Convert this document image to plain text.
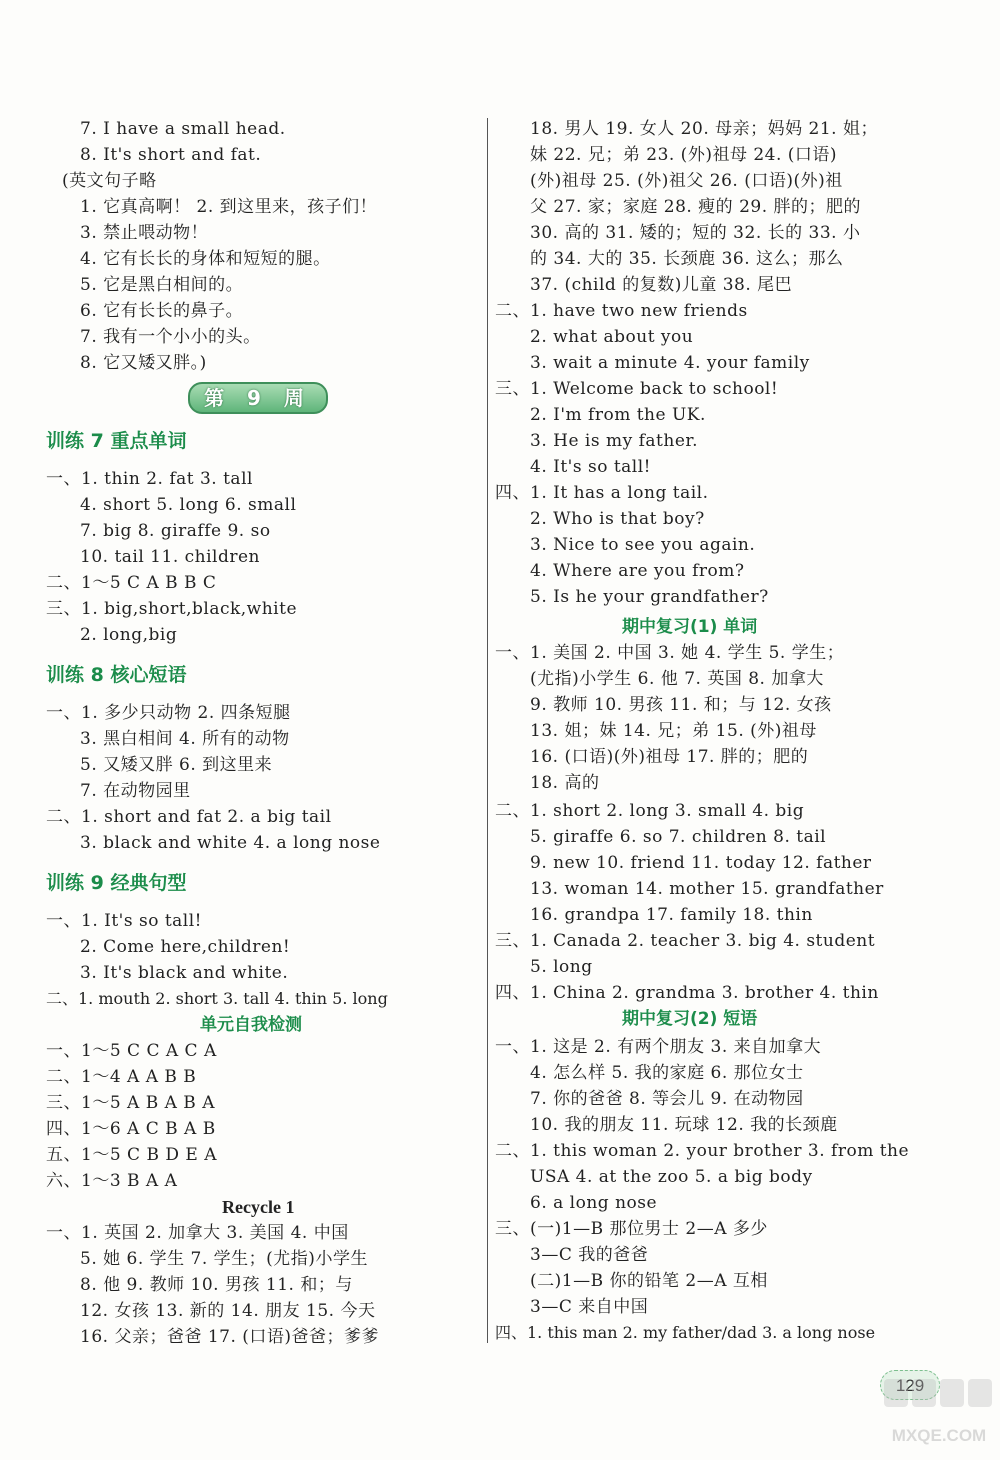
7. I have a small head.
8. It's short and fat.
(英文句子略
1. 它真高啊！ 2. 到这里来，孩子们！
3. 禁止喂动物！
4. 它有长长的身体和短短的腿。
5. 它是黑白相间的。
6. 它有长长的鼻子。
7. 我有一个小小的头。
8. 它又矮又胖。)
第 9 周
训练 7 重点单词
一、1. thin 2. fat 3. tall
4. short 5. long 6. small
7. big 8. giraffe 9. so
10. tail 11. children
二、1～5 C A B B C
三、1. big,short,black,white
2. long,big
训练 8 核心短语
一、1. 多少只动物 2. 四条短腿
3. 黑白相间 4. 所有的动物
5. 又矮又胖 6. 到这里来
7. 在动物园里
二、1. short and fat 2. a big tail
3. black and white 4. a long nose
训练 9 经典句型
一、1. It's so tall!
2. Come here,children!
3. It's black and white.
二、1. mouth 2. short 3. tall 4. thin 5. long
单元自我检测
一、1～5 C C A C A
二、1～4 A A B B
三、1～5 A B A B A
四、1～6 A C B A B
五、1～5 C B D E A
六、1～3 B A A
Recycle 1
一、1. 英国 2. 加拿大 3. 美国 4. 中国
5. 她 6. 学生 7. 学生；(尤指)小学生
8. 他 9. 教师 10. 男孩 11. 和；与
12. 女孩 13. 新的 14. 朋友 15. 今天
16. 父亲；爸爸 17. (口语)爸爸；爹爹
18. 男人 19. 女人 20. 母亲；妈妈 21. 姐；
妹 22. 兄；弟 23. (外)祖母 24. (口语)
(外)祖母 25. (外)祖父 26. (口语)(外)祖
父 27. 家；家庭 28. 瘦的 29. 胖的；肥的
30. 高的 31. 矮的；短的 32. 长的 33. 小
的 34. 大的 35. 长颈鹿 36. 这么；那么
37. (child 的复数)儿童 38. 尾巴
二、1. have two new friends
2. what about you
3. wait a minute 4. your family
三、1. Welcome back to school!
2. I'm from the UK.
3. He is my father.
4. It's so tall!
四、1. It has a long tail.
2. Who is that boy?
3. Nice to see you again.
4. Where are you from?
5. Is he your grandfather?
期中复习(1) 单词
一、1. 美国 2. 中国 3. 她 4. 学生 5. 学生；
(尤指)小学生 6. 他 7. 英国 8. 加拿大
9. 教师 10. 男孩 11. 和；与 12. 女孩
13. 姐；妹 14. 兄；弟 15. (外)祖母
16. (口语)(外)祖母 17. 胖的；肥的
18. 高的
二、1. short 2. long 3. small 4. big
5. giraffe 6. so 7. children 8. tail
9. new 10. friend 11. today 12. father
13. woman 14. mother 15. grandfather
16. grandpa 17. family 18. thin
三、1. Canada 2. teacher 3. big 4. student
5. long
四、1. China 2. grandma 3. brother 4. thin
期中复习(2) 短语
一、1. 这是 2. 有两个朋友 3. 来自加拿大
4. 怎么样 5. 我的家庭 6. 那位女士
7. 你的爸爸 8. 等会儿 9. 在动物园
10. 我的朋友 11. 玩球 12. 我的长颈鹿
二、1. this woman 2. your brother 3. from the
USA 4. at the zoo 5. a big body
6. a long nose
三、(一)1—B 那位男士 2—A 多少
3—C 我的爸爸
(二)1—B 你的铅笔 2—A 互相
3—C 来自中国
四、1. this man 2. my father/dad 3. a long nose
129
MXQE.COM
